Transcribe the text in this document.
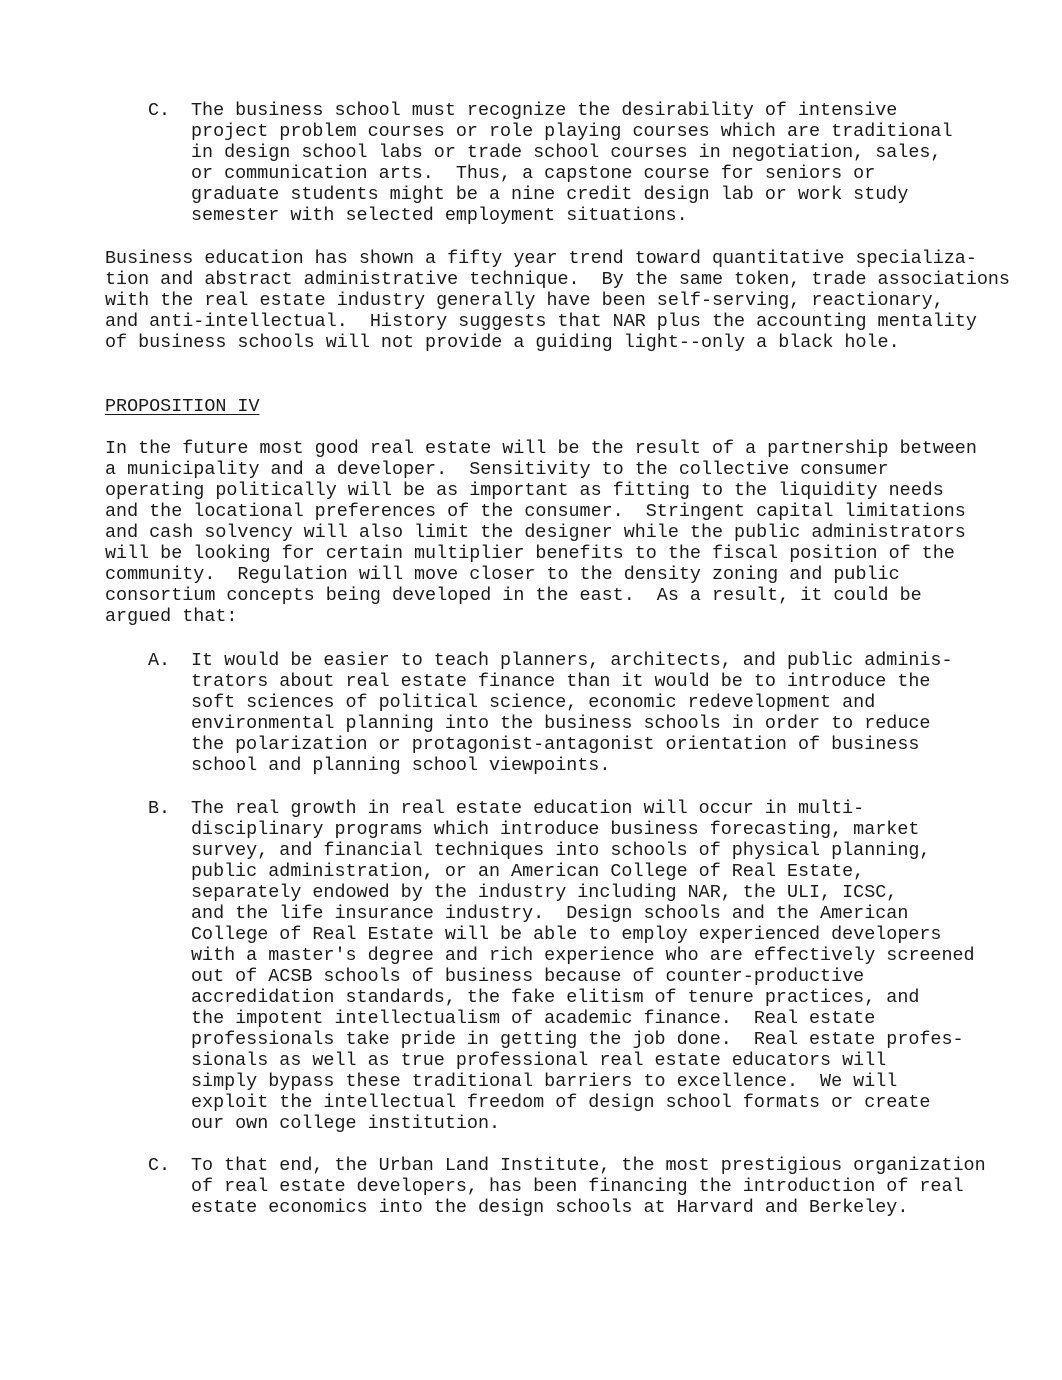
C. The business school must recognize the desirability of intensive
project problem courses or role playing courses which are traditional
in design school labs or trade school courses in negotiation, sales,
or communication arts.  Thus, a capstone course for seniors or
graduate students might be a nine credit design lab or work study
semester with selected employment situations.
Business education has shown a fifty year trend toward quantitative specializa-
tion and abstract administrative technique.  By the same token, trade associations
with the real estate industry generally have been self-serving, reactionary,
and anti-intellectual.  History suggests that NAR plus the accounting mentality
of business schools will not provide a guiding light--only a black hole.
PROPOSITION IV
In the future most good real estate will be the result of a partnership between
a municipality and a developer.  Sensitivity to the collective consumer
operating politically will be as important as fitting to the liquidity needs
and the locational preferences of the consumer.  Stringent capital limitations
and cash solvency will also limit the designer while the public administrators
will be looking for certain multiplier benefits to the fiscal position of the
community.  Regulation will move closer to the density zoning and public
consortium concepts being developed in the east.  As a result, it could be
argued that:
A. It would be easier to teach planners, architects, and public adminis-
trators about real estate finance than it would be to introduce the
soft sciences of political science, economic redevelopment and
environmental planning into the business schools in order to reduce
the polarization or protagonist-antagonist orientation of business
school and planning school viewpoints.
B. The real growth in real estate education will occur in multi-
disciplinary programs which introduce business forecasting, market
survey, and financial techniques into schools of physical planning,
public administration, or an American College of Real Estate,
separately endowed by the industry including NAR, the ULI, ICSC,
and the life insurance industry.  Design schools and the American
College of Real Estate will be able to employ experienced developers
with a master's degree and rich experience who are effectively screened
out of ACSB schools of business because of counter-productive
accredidation standards, the fake elitism of tenure practices, and
the impotent intellectualism of academic finance.  Real estate
professionals take pride in getting the job done.  Real estate profes-
sionals as well as true professional real estate educators will
simply bypass these traditional barriers to excellence.  We will
exploit the intellectual freedom of design school formats or create
our own college institution.
C. To that end, the Urban Land Institute, the most prestigious organization
of real estate developers, has been financing the introduction of real
estate economics into the design schools at Harvard and Berkeley.
